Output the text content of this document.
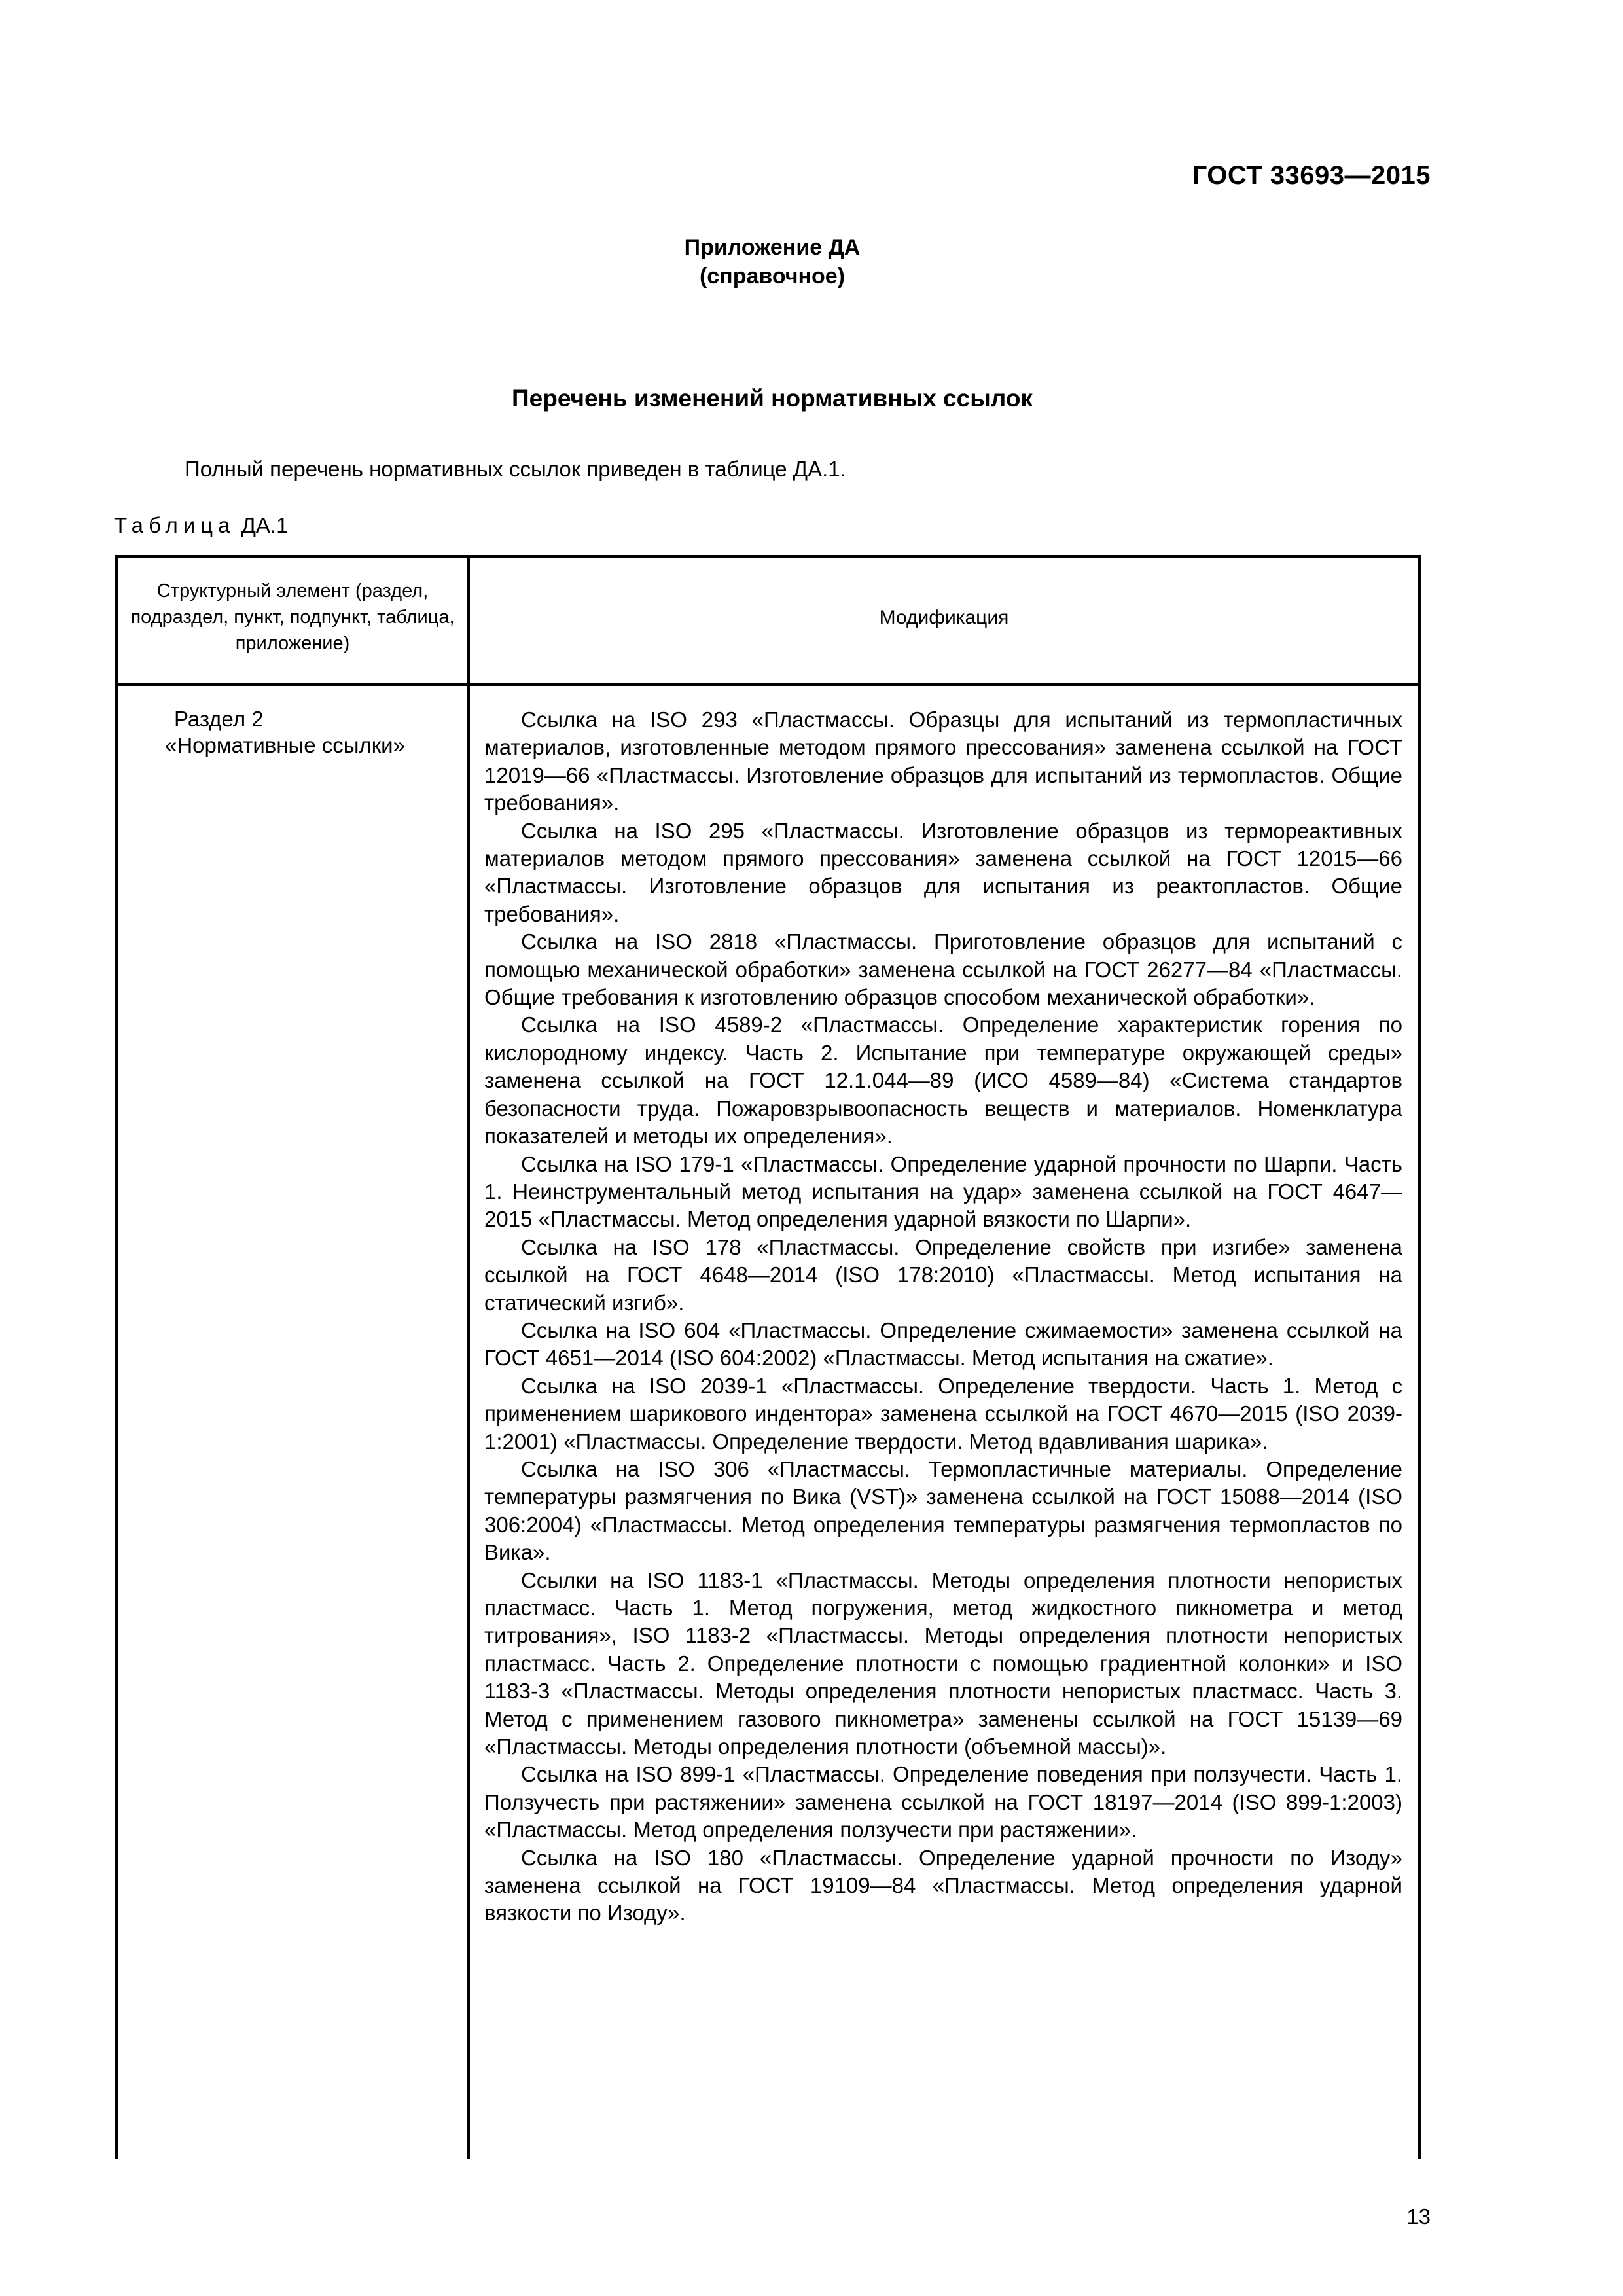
ГОСТ 33693—2015
Приложение ДА
(справочное)
Перечень изменений нормативных ссылок
Полный перечень нормативных ссылок приведен в таблице ДА.1.
Таблица ДА.1
Структурный элемент (раздел, подраздел, пункт, подпункт, таблица, приложение)
Модификация
Раздел 2
«Нормативные ссылки»

Ссылка на ISO 293 «Пластмассы. Образцы для испытаний из термопластичных материалов, изготовленные методом прямого прессования» заменена ссылкой на ГОСТ 12019—66 «Пластмассы. Изготовление образцов для испытаний из термопластов. Общие требования».

Ссылка на ISO 295 «Пластмассы. Изготовление образцов из термореактивных материалов методом прямого прессования» заменена ссылкой на ГОСТ 12015—66 «Пластмассы. Изготовление образцов для испытания из реактопластов. Общие требования».

Ссылка на ISO 2818 «Пластмассы. Приготовление образцов для испытаний с помощью механической обработки» заменена ссылкой на ГОСТ 26277—84 «Пластмассы. Общие требования к изготовлению образцов способом механической обработки».

Ссылка на ISO 4589-2 «Пластмассы. Определение характеристик горения по кислородному индексу. Часть 2. Испытание при температуре окружающей среды» заменена ссылкой на ГОСТ 12.1.044—89 (ИСО 4589—84) «Система стандартов безопасности труда. Пожаровзрывоопасность веществ и материалов. Номенклатура показателей и методы их определения».

Ссылка на ISO 179-1 «Пластмассы. Определение ударной прочности по Шарпи. Часть 1. Неинструментальный метод испытания на удар» заменена ссылкой на ГОСТ 4647—2015 «Пластмассы. Метод определения ударной вязкости по Шарпи».

Ссылка на ISO 178 «Пластмассы. Определение свойств при изгибе» заменена ссылкой на ГОСТ 4648—2014 (ISO 178:2010) «Пластмассы. Метод испытания на статический изгиб».

Ссылка на ISO 604 «Пластмассы. Определение сжимаемости» заменена ссылкой на ГОСТ 4651—2014 (ISO 604:2002) «Пластмассы. Метод испытания на сжатие».

Ссылка на ISO 2039-1 «Пластмассы. Определение твердости. Часть 1. Метод с применением шарикового индентора» заменена ссылкой на ГОСТ 4670—2015 (ISO 2039-1:2001) «Пластмассы. Определение твердости. Метод вдавливания шарика».

Ссылка на ISO 306 «Пластмассы. Термопластичные материалы. Определение температуры размягчения по Вика (VST)» заменена ссылкой на ГОСТ 15088—2014 (ISO 306:2004) «Пластмассы. Метод определения температуры размягчения термопластов по Вика».

Ссылки на ISO 1183-1 «Пластмассы. Методы определения плотности непористых пластмасс. Часть 1. Метод погружения, метод жидкостного пикнометра и метод титрования», ISO 1183-2 «Пластмассы. Методы определения плотности непористых пластмасс. Часть 2. Определение плотности с помощью градиентной колонки» и ISO 1183-3 «Пластмассы. Методы определения плотности непористых пластмасс. Часть 3. Метод с применением газового пикнометра» заменены ссылкой на ГОСТ 15139—69 «Пластмассы. Методы определения плотности (объемной массы)».

Ссылка на ISO 899-1 «Пластмассы. Определение поведения при ползучести. Часть 1. Ползучесть при растяжении» заменена ссылкой на ГОСТ 18197—2014 (ISO 899-1:2003) «Пластмассы. Метод определения ползучести при растяжении».

Ссылка на ISO 180 «Пластмассы. Определение ударной прочности по Изоду» заменена ссылкой на ГОСТ 19109—84 «Пластмассы. Метод определения ударной вязкости по Изоду».

13
